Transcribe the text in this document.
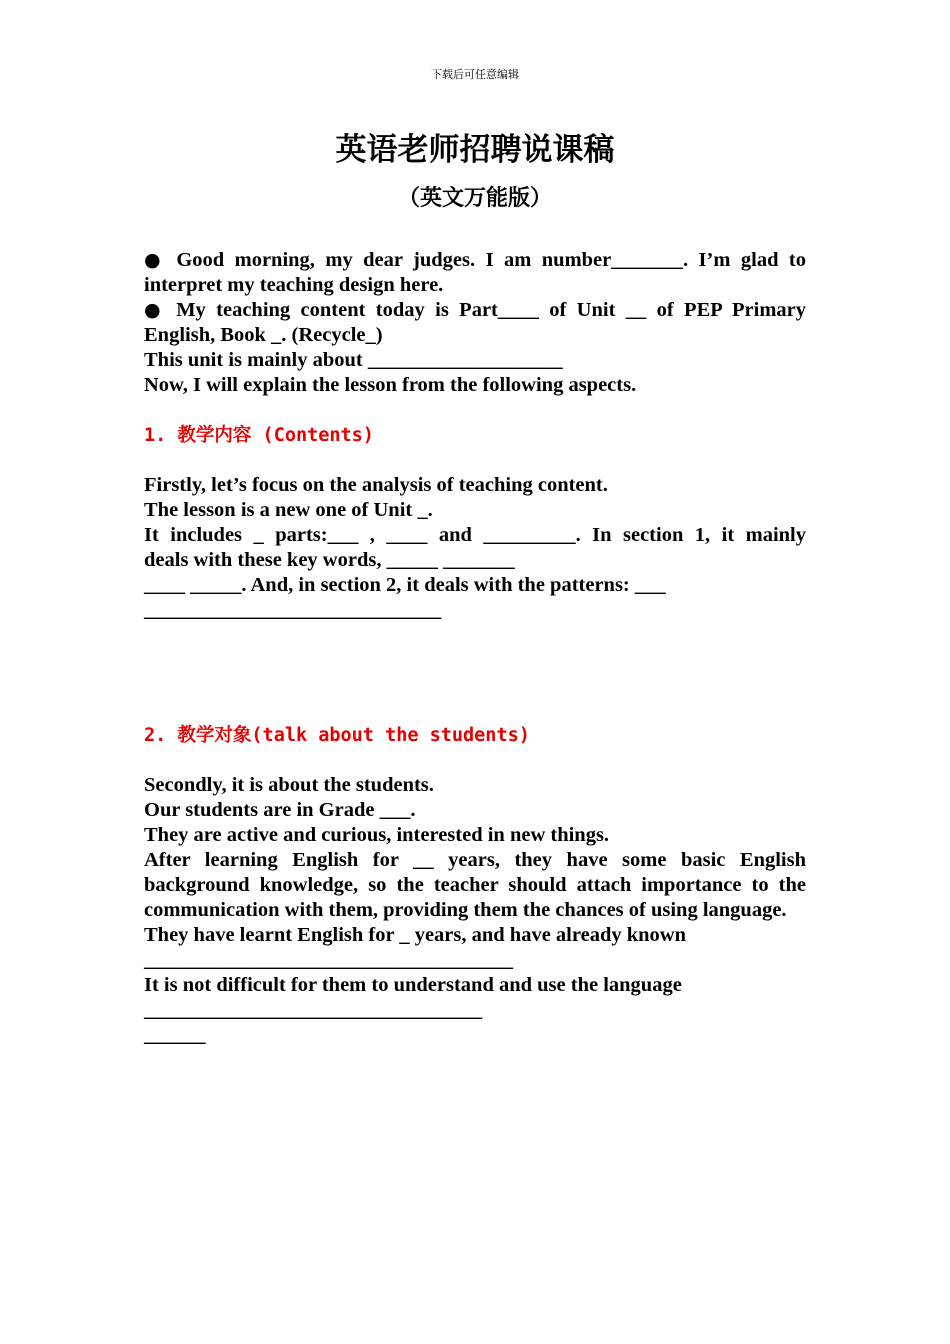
下载后可任意编辑
英语老师招聘说课稿
（英文万能版）
● Good morning, my dear judges. I am number_______. I’m glad to
interpret my teaching design here.
● My teaching content today is Part____ of Unit __ of PEP Primary
English, Book _. (Recycle_)
This unit is mainly about ___________________
Now, I will explain the lesson from the following aspects.
1. 教学内容 (Contents)
Firstly, let’s focus on the analysis of teaching content.
The lesson is a new one of Unit _.
It includes _ parts:___ , ____ and _________. In section 1, it mainly
deals with these key words, _____ _______
____ _____. And, in section 2, it deals with the patterns: ___
_____________________________
2. 教学对象(talk about the students)
Secondly, it is about the students.
Our students are in Grade ___.
They are active and curious, interested in new things.
After learning English for __ years, they have some basic English background knowledge, so the teacher should attach importance to the communication with them, providing them the chances of using language.
They have learnt English for _ years, and have already known
____________________________________
It is not difficult for them to understand and use the language
_________________________________
______
